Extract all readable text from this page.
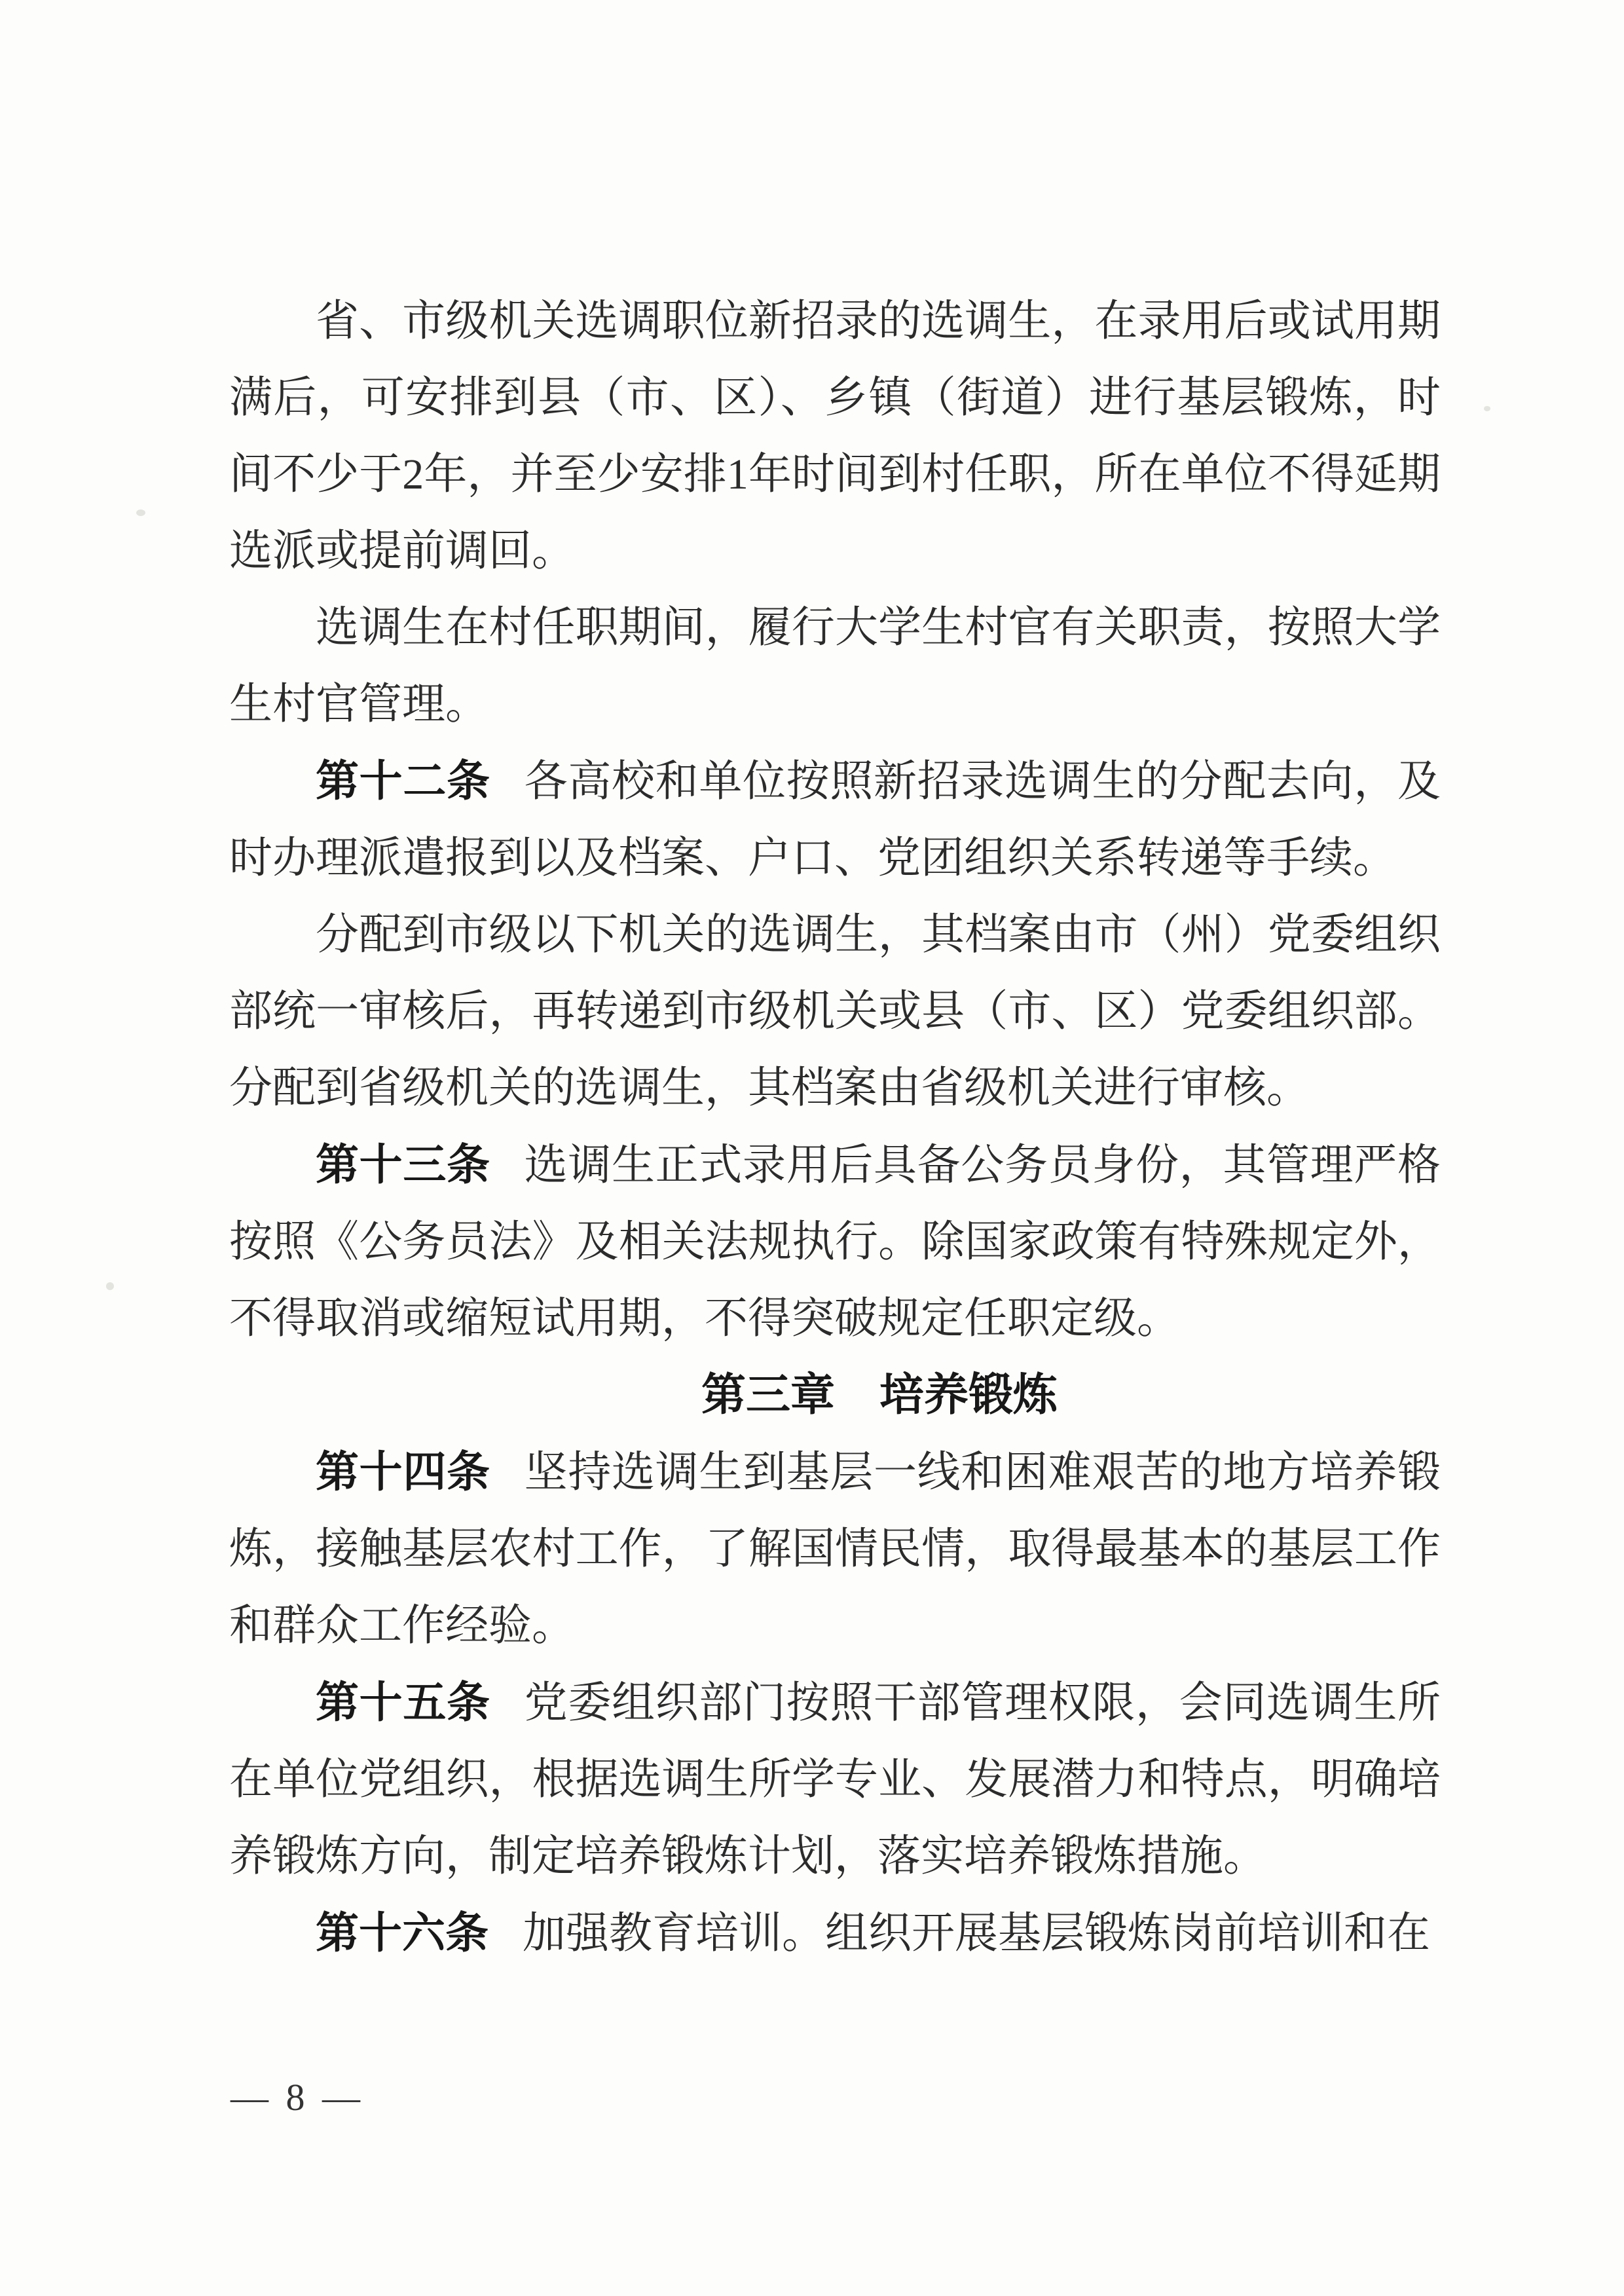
省、市级机关选调职位新招录的选调生，在录用后或试用期满后，可安排到县（市、区）、乡镇（街道）进行基层锻炼，时间不少于2年，并至少安排1年时间到村任职，所在单位不得延期选派或提前调回。

选调生在村任职期间，履行大学生村官有关职责，按照大学生村官管理。

第十二条 各高校和单位按照新招录选调生的分配去向，及时办理派遣报到以及档案、户口、党团组织关系转递等手续。

分配到市级以下机关的选调生，其档案由市（州）党委组织部统一审核后，再转递到市级机关或县（市、区）党委组织部。分配到省级机关的选调生，其档案由省级机关进行审核。

第十三条 选调生正式录用后具备公务员身份，其管理严格按照《公务员法》及相关法规执行。除国家政策有特殊规定外，不得取消或缩短试用期，不得突破规定任职定级。

第三章　培养锻炼

第十四条 坚持选调生到基层一线和困难艰苦的地方培养锻炼，接触基层农村工作，了解国情民情，取得最基本的基层工作和群众工作经验。

第十五条 党委组织部门按照干部管理权限，会同选调生所在单位党组织，根据选调生所学专业、发展潜力和特点，明确培养锻炼方向，制定培养锻炼计划，落实培养锻炼措施。

第十六条 加强教育培训。组织开展基层锻炼岗前培训和在

— 8 —
